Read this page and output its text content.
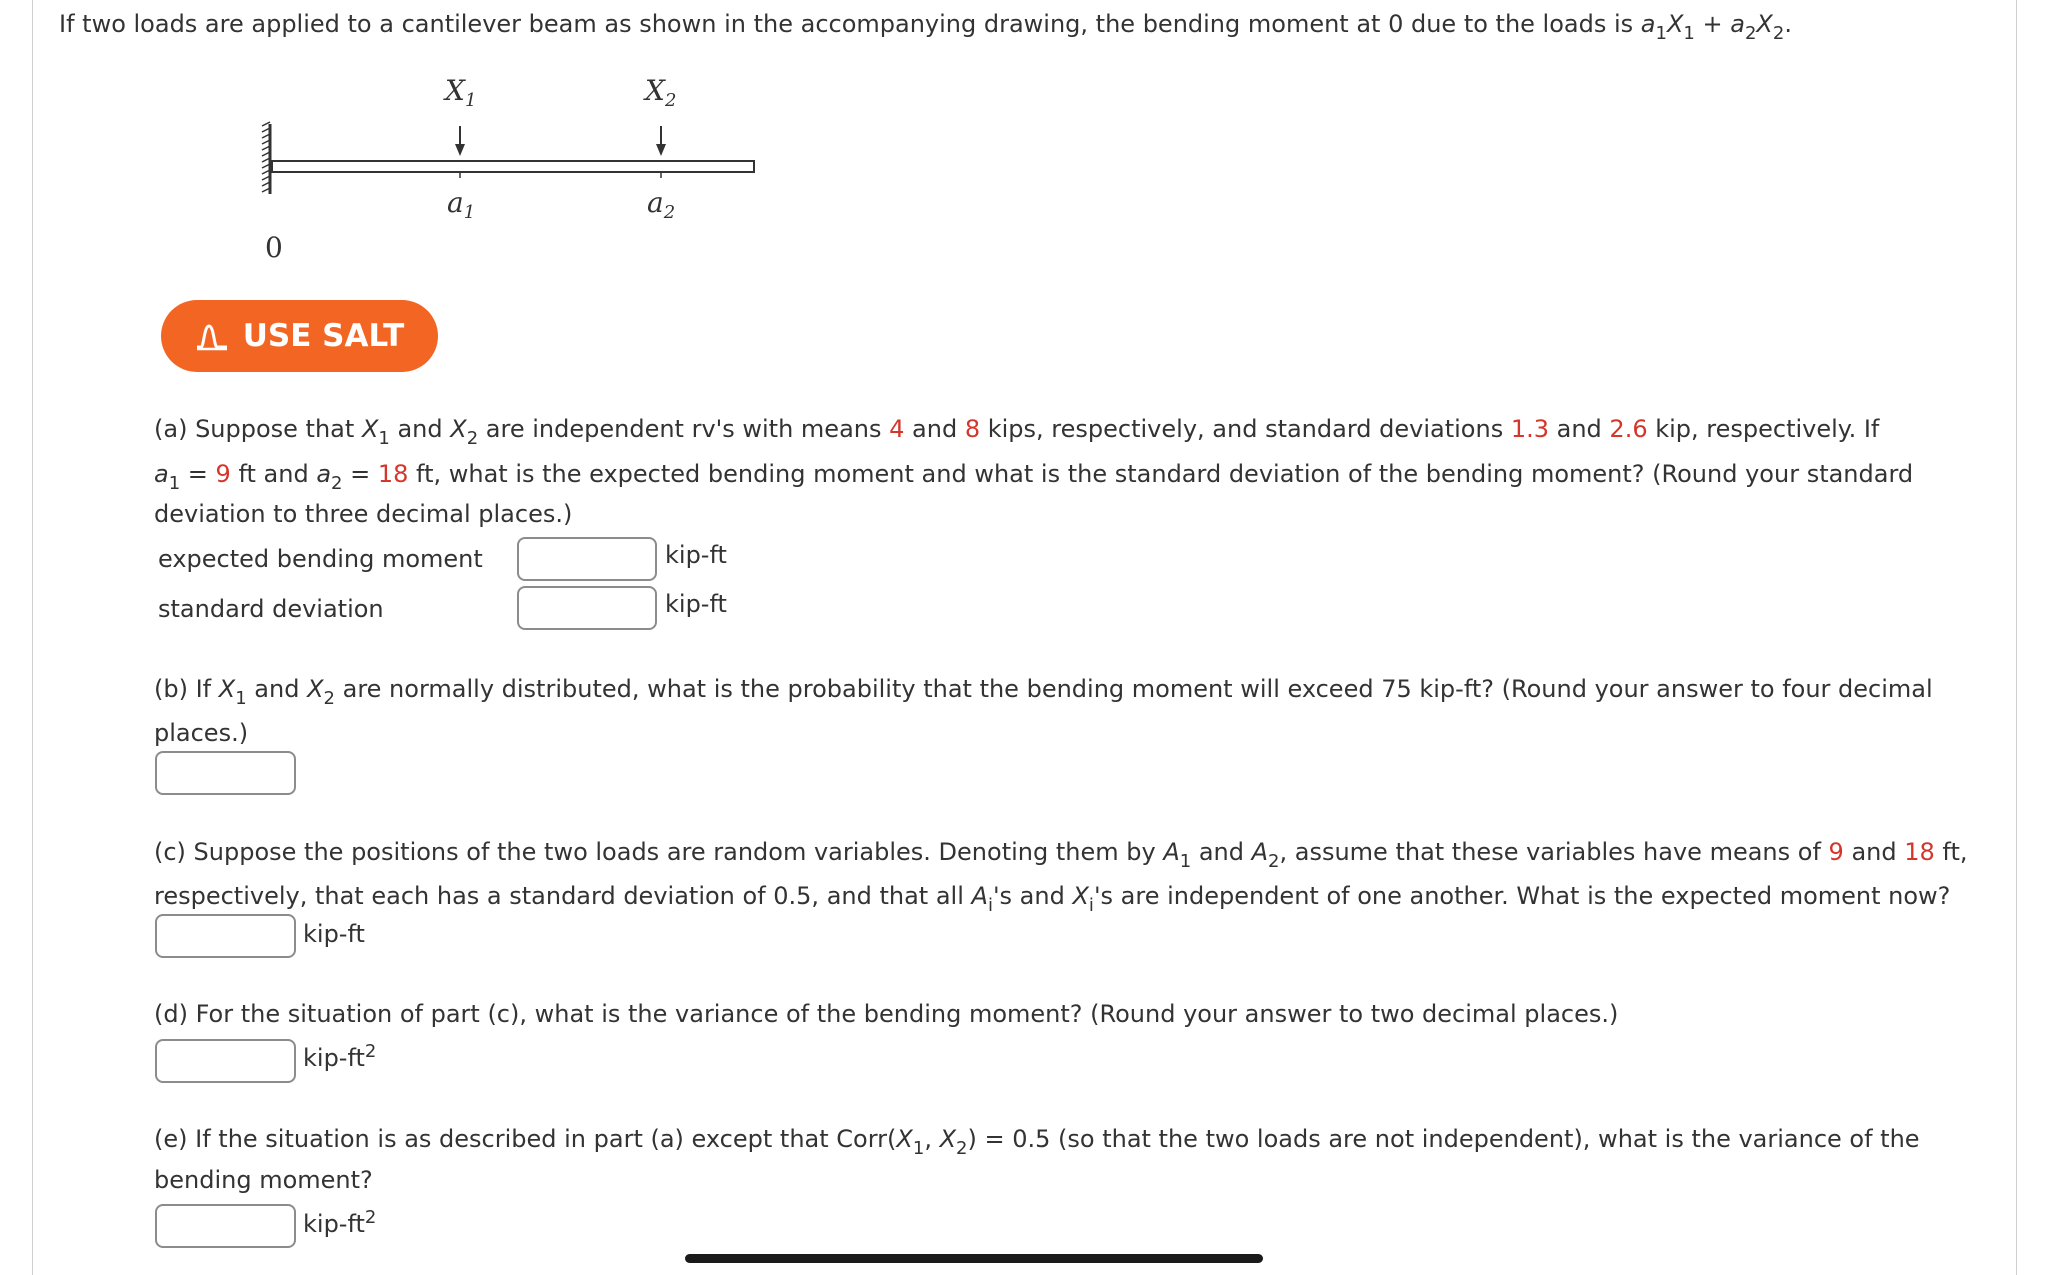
If two loads are applied to a cantilever beam as shown in the accompanying drawing, the bending moment at 0 due to the loads is $a_1X_1 + a_2X_2$.
$X_1$	$X_2$
$a_1$	$a_2$
0
USE SALT
(a) Suppose that $X_1$ and $X_2$ are independent rv's with means 4 and 8 kips, respectively, and standard deviations 1.3 and 2.6 kip, respectively. If
$a_1 = 9$ ft and $a_2 = 18$ ft, what is the expected bending moment and what is the standard deviation of the bending moment? (Round your standard
deviation to three decimal places.)
expected bending moment	kip-ft
standard deviation	kip-ft
(b) If $X_1$ and $X_2$ are normally distributed, what is the probability that the bending moment will exceed 75 kip-ft? (Round your answer to four decimal
places.)
(c) Suppose the positions of the two loads are random variables. Denoting them by $A_1$ and $A_2$, assume that these variables have means of 9 and 18 ft,
respectively, that each has a standard deviation of 0.5, and that all $A_i's$ and $X_i's$ are independent of one another. What is the expected moment now?
kip-ft
(d) For the situation of part (c), what is the variance of the bending moment? (Round your answer to two decimal places.)
kip-$ft^2$
(e) If the situation is as described in part (a) except that $Corr(X_1$, $X_2) = 0.5$ (so that the two loads are not independent), what is the variance of the
bending moment?
kip-$ft^2$
